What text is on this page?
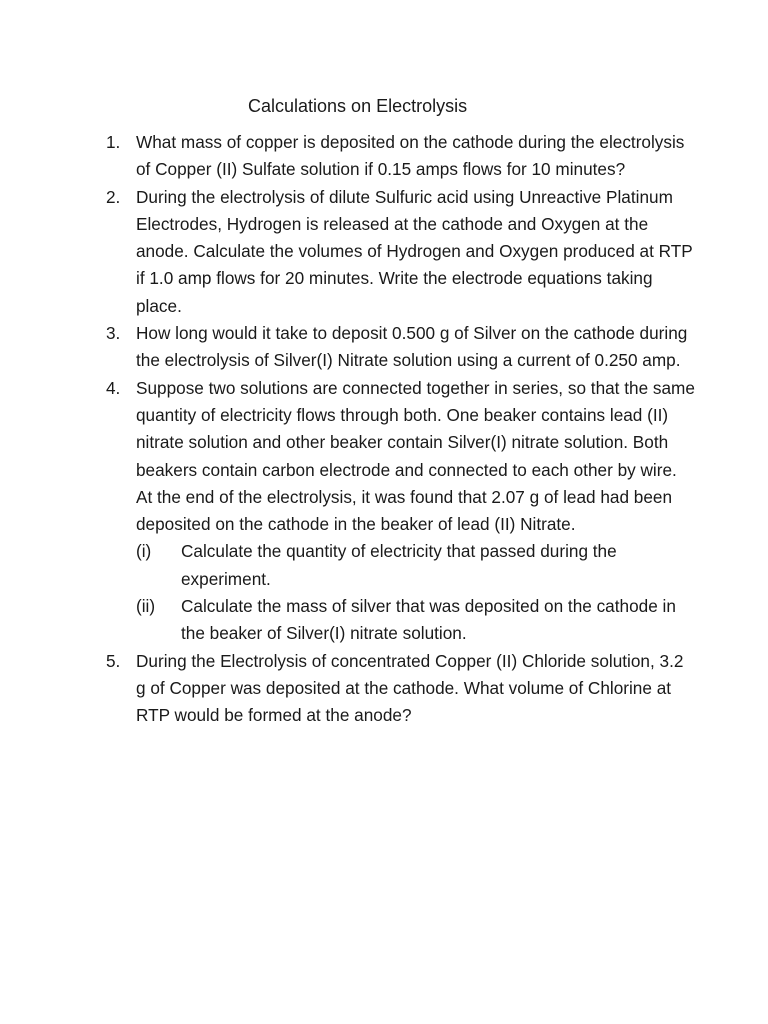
Calculations on Electrolysis
1. What mass of copper is deposited on the cathode during the electrolysis of Copper (II) Sulfate solution if 0.15 amps flows for 10 minutes?
2. During the electrolysis of dilute Sulfuric acid using Unreactive Platinum Electrodes, Hydrogen is released at the cathode and Oxygen at the anode. Calculate the volumes of Hydrogen and Oxygen produced at RTP if 1.0 amp flows for 20 minutes. Write the electrode equations taking place.
3. How long would it take to deposit 0.500 g of Silver on the cathode during the electrolysis of Silver(I) Nitrate solution using a current of 0.250 amp.
4. Suppose two solutions are connected together in series, so that the same quantity of electricity flows through both. One beaker contains lead (II) nitrate solution and other beaker contain Silver(I) nitrate solution. Both beakers contain carbon electrode and connected to each other by wire. At the end of the electrolysis, it was found that 2.07 g of lead had been deposited on the cathode in the beaker of lead (II) Nitrate.
(i) Calculate the quantity of electricity that passed during the experiment.
(ii) Calculate the mass of silver that was deposited on the cathode in the beaker of Silver(I) nitrate solution.
5. During the Electrolysis of concentrated Copper (II) Chloride solution, 3.2 g of Copper was deposited at the cathode. What volume of Chlorine at RTP would be formed at the anode?
